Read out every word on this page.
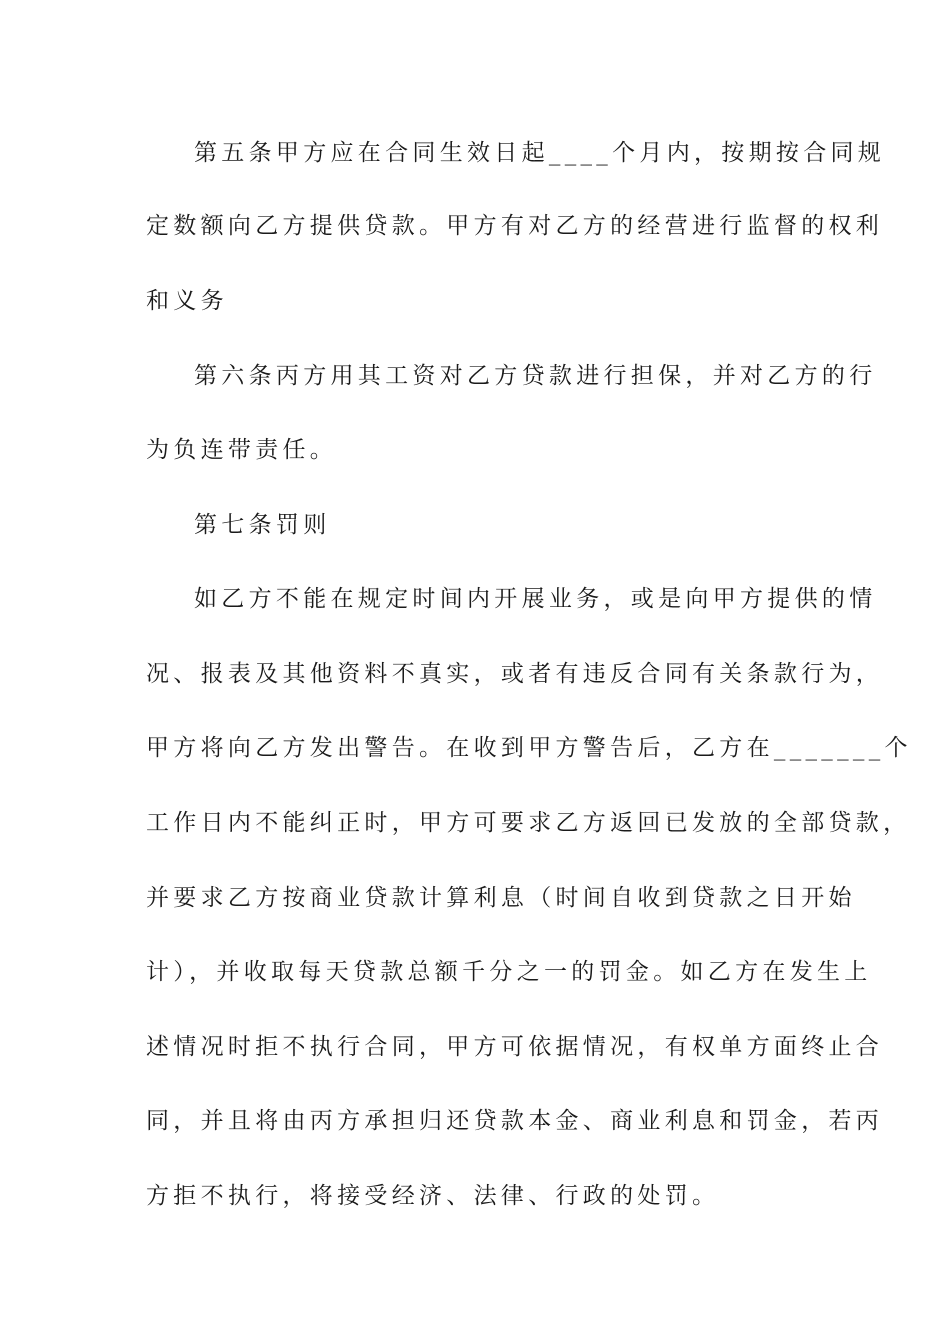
第五条甲方应在合同生效日起____个月内，按期按合同规
定数额向乙方提供贷款。甲方有对乙方的经营进行监督的权利
和义务
第六条丙方用其工资对乙方贷款进行担保，并对乙方的行
为负连带责任。
第七条罚则
如乙方不能在规定时间内开展业务，或是向甲方提供的情
况、报表及其他资料不真实，或者有违反合同有关条款行为，
甲方将向乙方发出警告。在收到甲方警告后，乙方在_______个
工作日内不能纠正时，甲方可要求乙方返回已发放的全部贷款，
并要求乙方按商业贷款计算利息（时间自收到贷款之日开始
计），并收取每天贷款总额千分之一的罚金。如乙方在发生上
述情况时拒不执行合同，甲方可依据情况，有权单方面终止合
同，并且将由丙方承担归还贷款本金、商业利息和罚金，若丙
方拒不执行，将接受经济、法律、行政的处罚。
